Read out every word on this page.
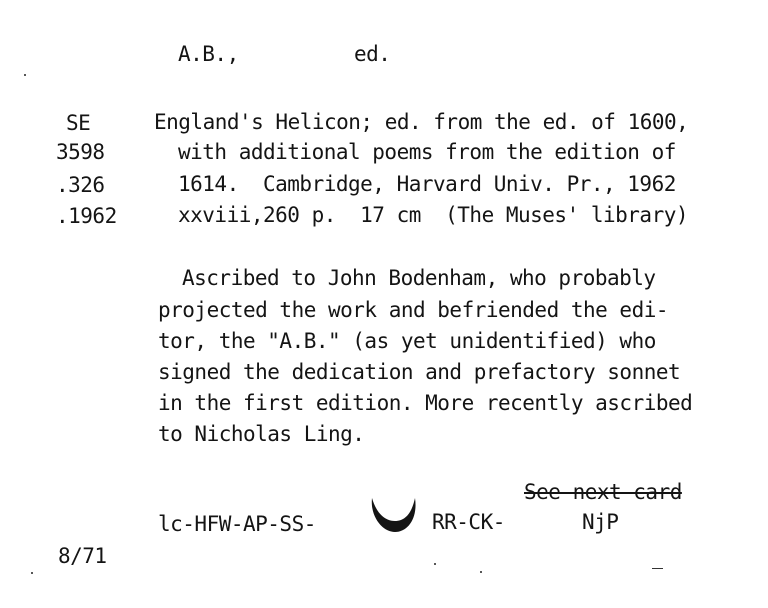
A.B.,	ed.
SE
3598
.326
.1962
England's Helicon; ed. from the ed. of 1600,
with additional poems from the edition of
1614.  Cambridge, Harvard Univ. Pr., 1962
xxviii,260 p.  17 cm  (The Muses' library)
Ascribed to John Bodenham, who probably
projected the work and befriended the edi-
tor, the "A.B." (as yet unidentified) who
signed the dedication and prefactory sonnet
in the first edition. More recently ascribed
to Nicholas Ling.
See next card
lc-HFW-AP-SS-	RR-CK-	NjP
8/71
